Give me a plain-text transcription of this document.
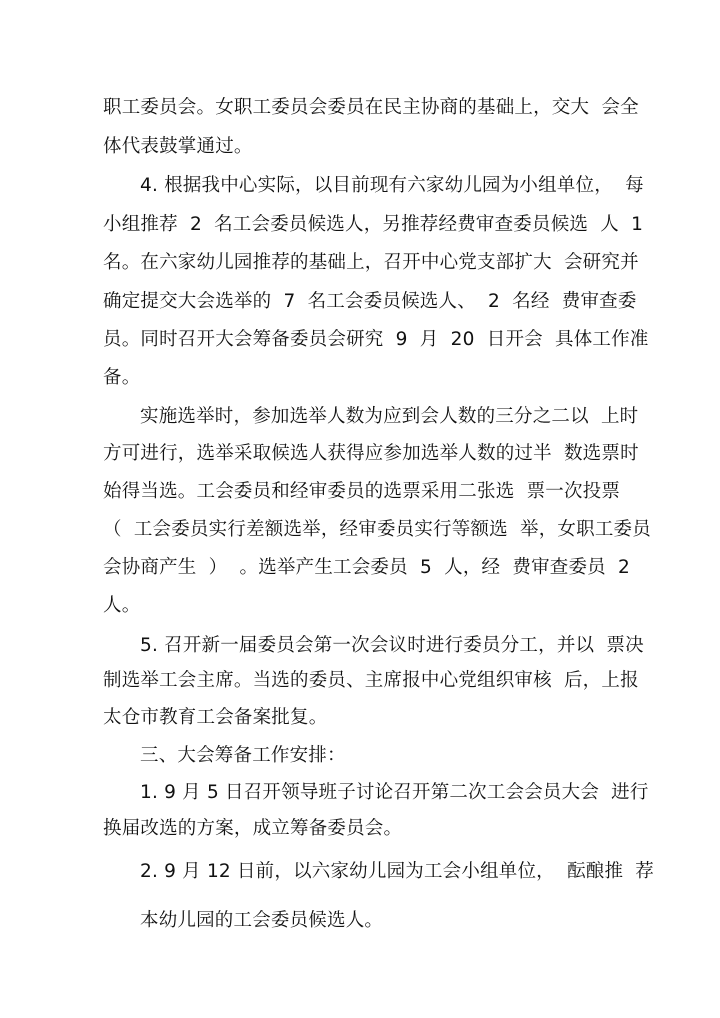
职工委员会。女职工委员会委员在民主协商的基础上，交大  会全
体代表鼓掌通过。
4. 根据我中心实际，以目前现有六家幼儿园为小组单位，  每
小组推荐  2  名工会委员候选人，另推荐经费审查委员候选  人  1
名。在六家幼儿园推荐的基础上，召开中心党支部扩大  会研究并
确定提交大会选举的  7  名工会委员候选人、  2  名经  费审查委
员。同时召开大会筹备委员会研究  9  月  20  日开会  具体工作准
备。
实施选举时，参加选举人数为应到会人数的三分之二以  上时
方可进行，选举采取候选人获得应参加选举人数的过半  数选票时
始得当选。工会委员和经审委员的选票采用二张选  票一次投票
（  工会委员实行差额选举，经审委员实行等额选  举，女职工委员
会协商产生  ）  。选举产生工会委员  5  人，经  费审查委员  2
人。
5. 召开新一届委员会第一次会议时进行委员分工，并以  票决
制选举工会主席。当选的委员、主席报中心党组织审核  后，上报
太仓市教育工会备案批复。
三、大会筹备工作安排：
1. 9 月 5 日召开领导班子讨论召开第二次工会会员大会  进行
换届改选的方案，成立筹备委员会。
2. 9 月 12 日前，以六家幼儿园为工会小组单位，  酝酿推  荐
本幼儿园的工会委员候选人。
